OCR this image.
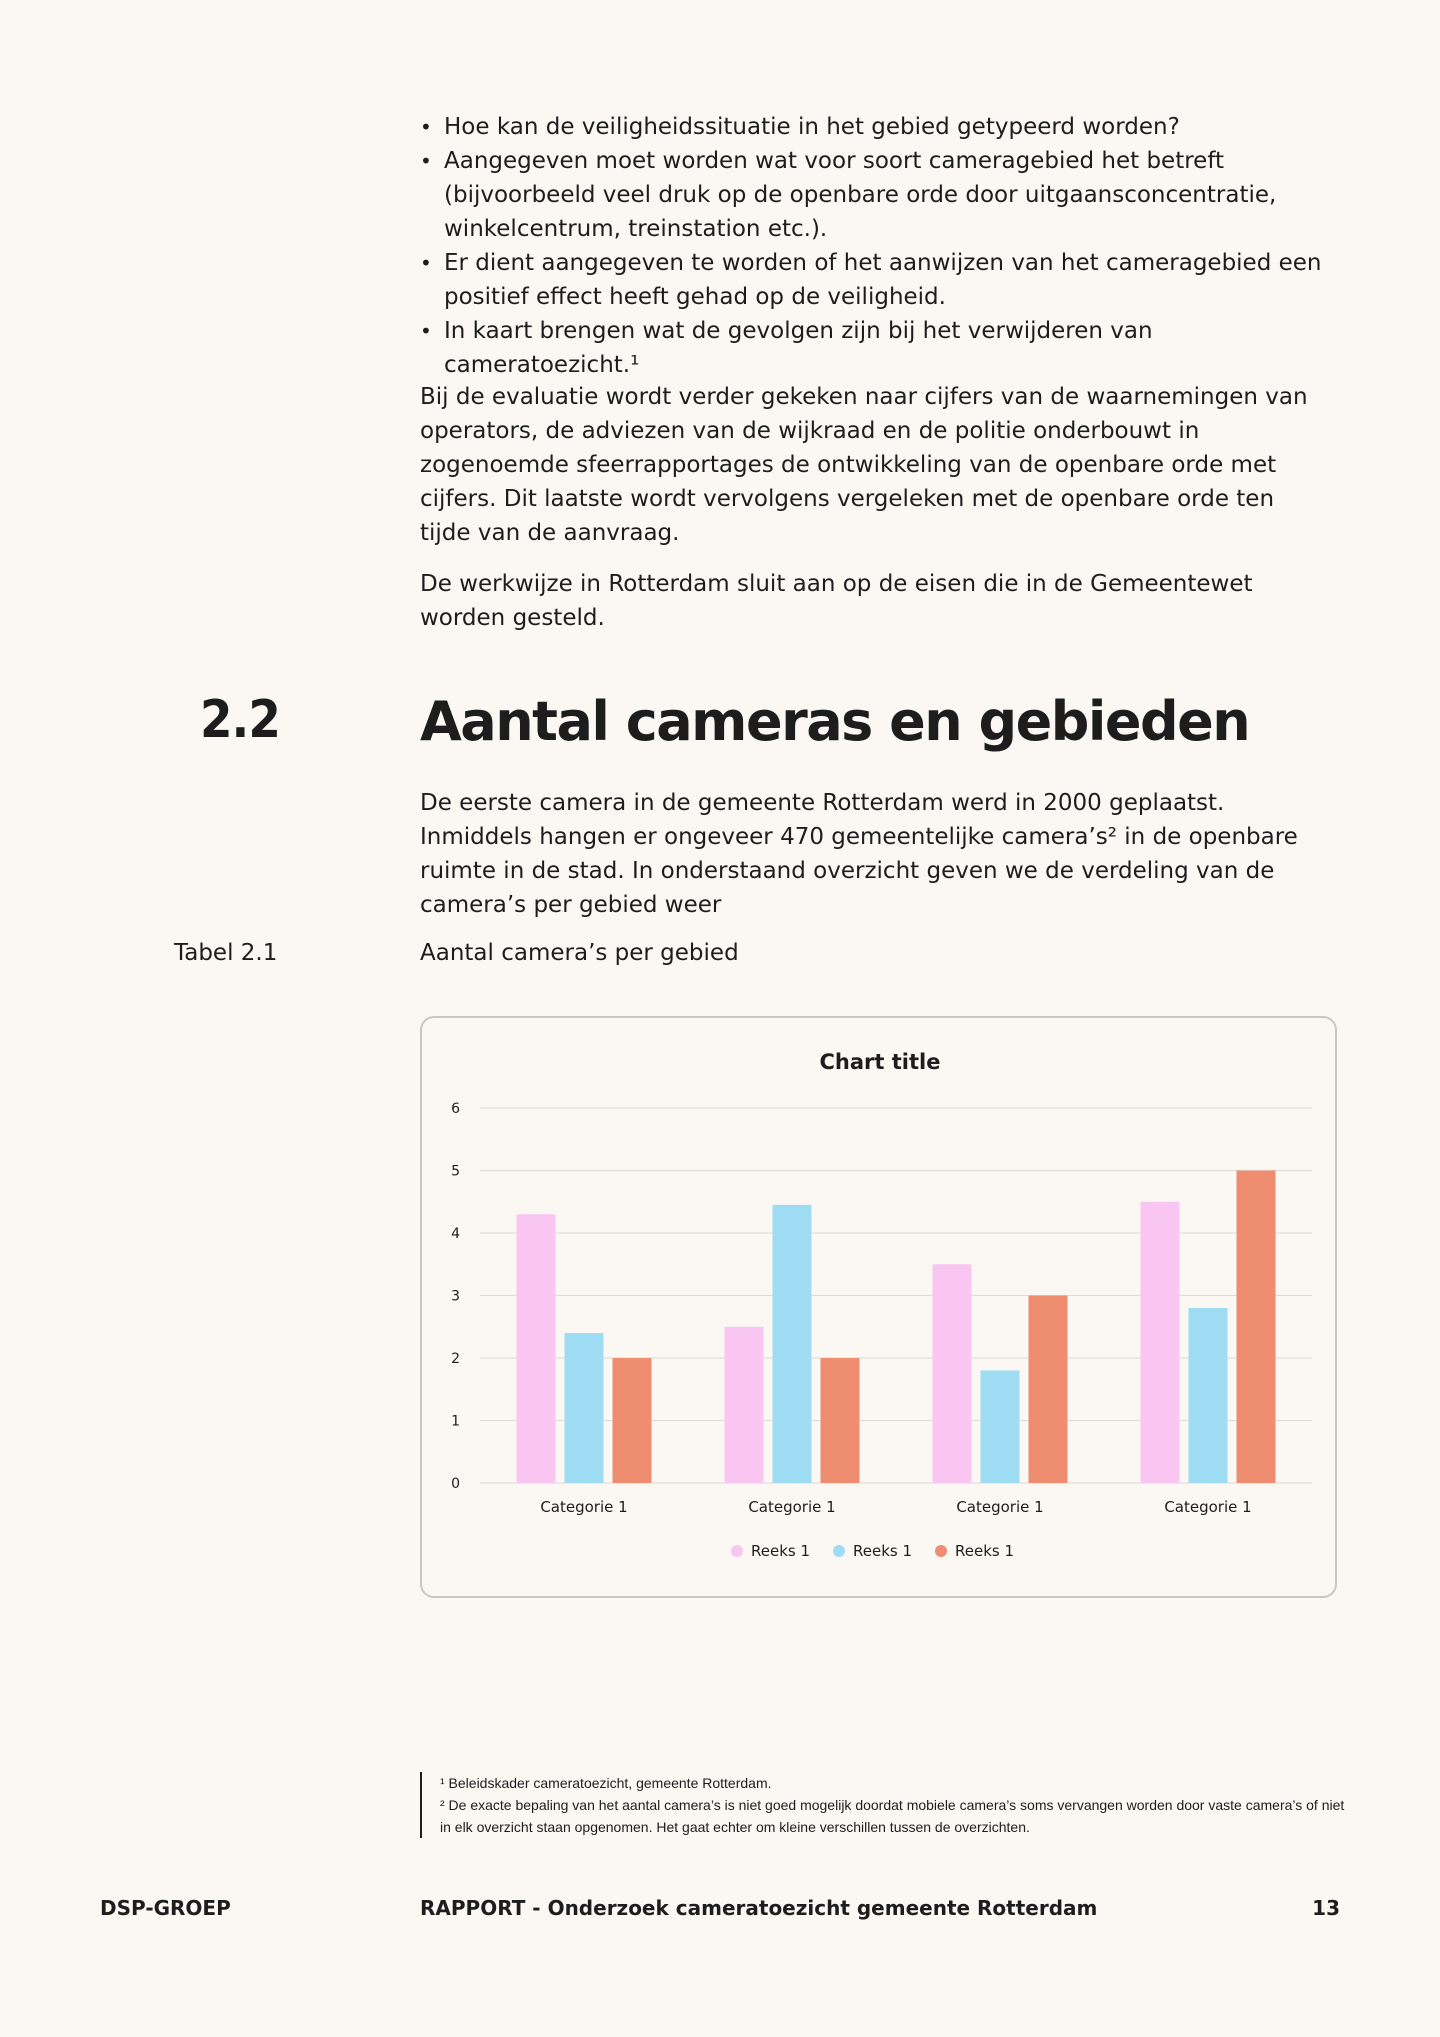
• Hoe kan de veiligheidssituatie in het gebied getypeerd worden?
• Aangegeven moet worden wat voor soort cameragebied het betreft (bijvoorbeeld veel druk op de openbare orde door uitgaansconcentratie, winkelcentrum, treinstation etc.).
• Er dient aangegeven te worden of het aanwijzen van het cameragebied een positief effect heeft gehad op de veiligheid.
• In kaart brengen wat de gevolgen zijn bij het verwijderen van cameratoezicht.¹

Bij de evaluatie wordt verder gekeken naar cijfers van de waarnemingen van operators, de adviezen van de wijkraad en de politie onderbouwt in zogenoemde sfeerrapportages de ontwikkeling van de openbare orde met cijfers. Dit laatste wordt vervolgens vergeleken met de openbare orde ten tijde van de aanvraag.

De werkwijze in Rotterdam sluit aan op de eisen die in de Gemeentewet worden gesteld.

2.2	Aantal cameras en gebieden

De eerste camera in de gemeente Rotterdam werd in 2000 geplaatst. Inmiddels hangen er ongeveer 470 gemeentelijke camera’s² in de openbare ruimte in de stad. In onderstaand overzicht geven we de verdeling van de camera’s per gebied weer

Tabel 2.1	Aantal camera’s per gebied
Chart title
0
1
2
3
4
5
6
Categorie 1	Categorie 1	Categorie 1	Categorie 1
Reeks 1	Reeks 1	Reeks 1
¹ Beleidskader cameratoezicht, gemeente Rotterdam.
² De exacte bepaling van het aantal camera’s is niet goed mogelijk doordat mobiele camera’s soms vervangen worden door vaste camera’s of niet in elk overzicht staan opgenomen. Het gaat echter om kleine verschillen tussen de overzichten.
DSP-GROEP	RAPPORT - Onderzoek cameratoezicht gemeente Rotterdam	13
